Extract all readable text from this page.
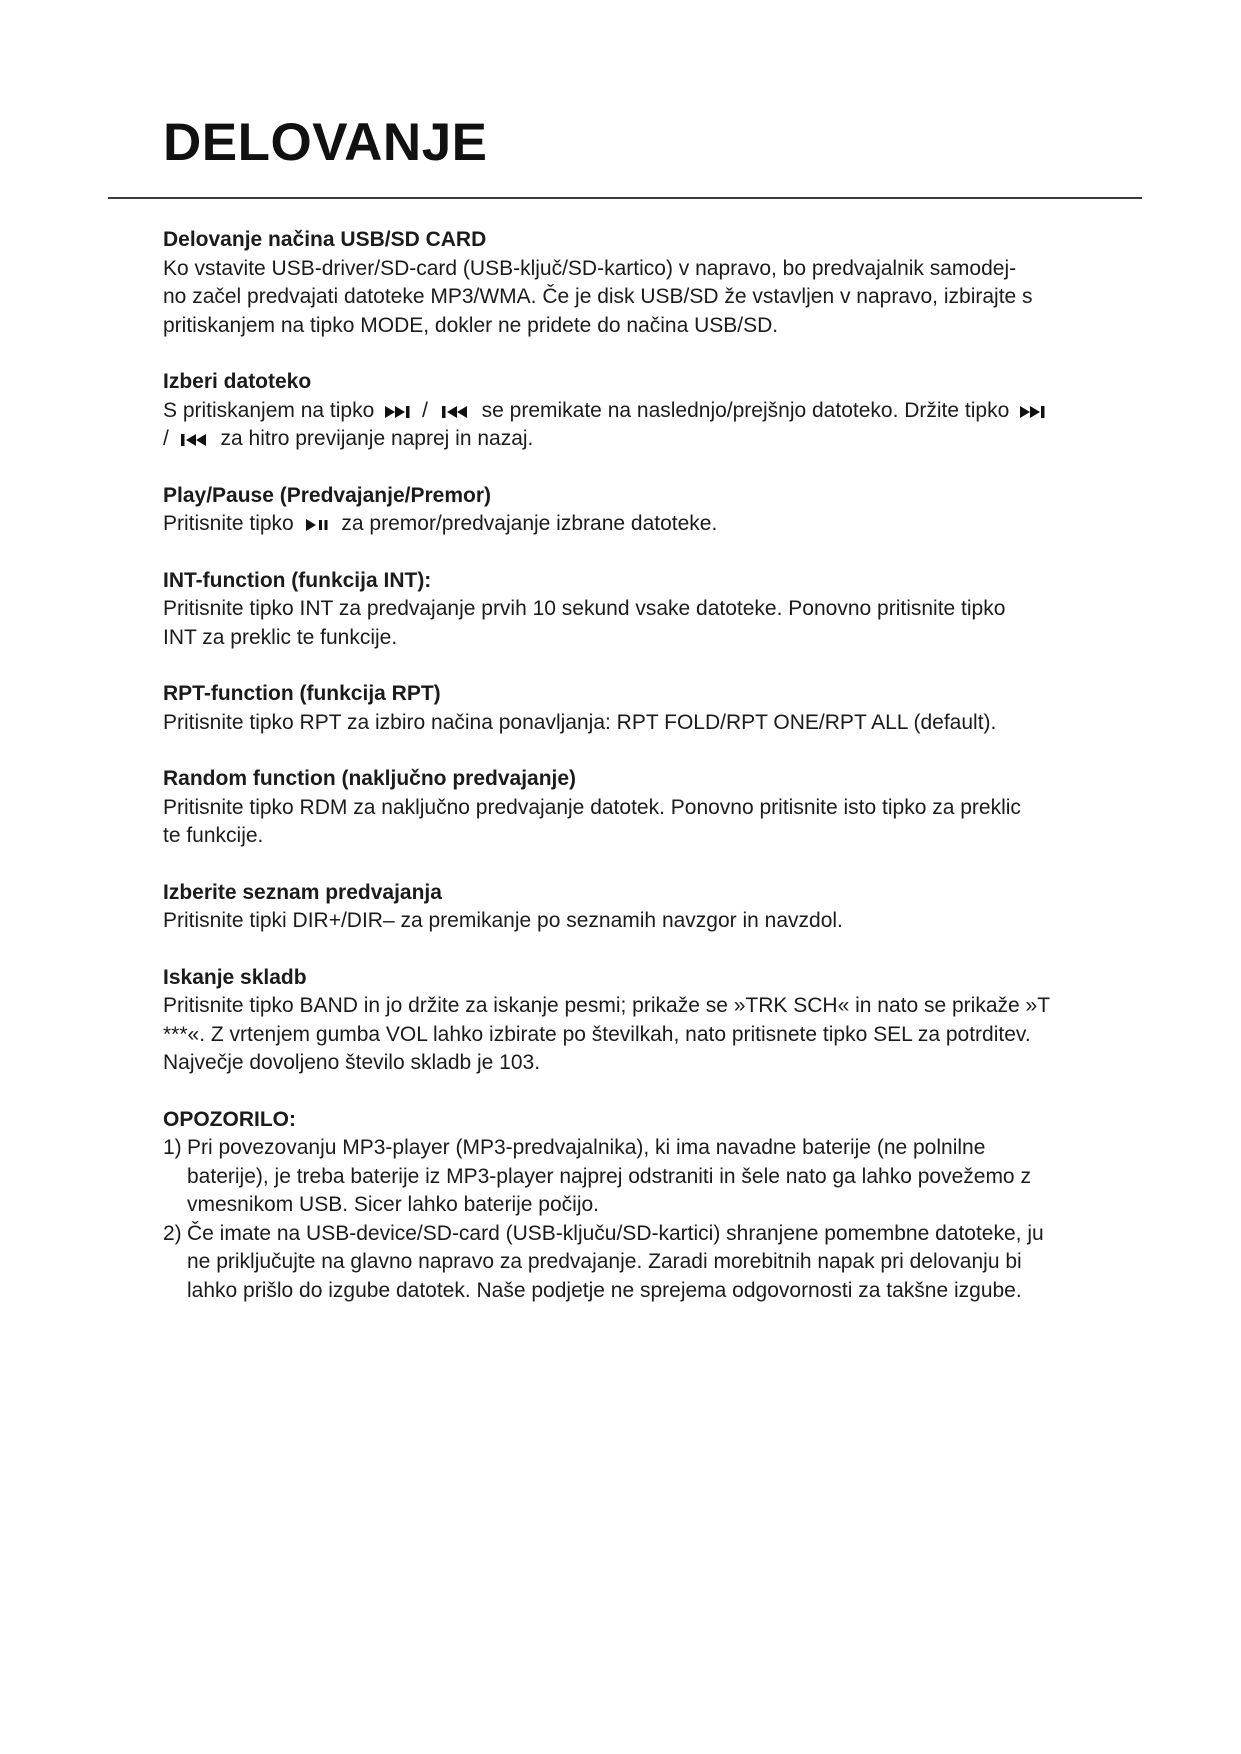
DELOVANJE
Delovanje načina USB/SD CARD

Ko vstavite USB-driver/SD-card (USB-ključ/SD-kartico) v napravo, bo predvajalnik samodej-

no začel predvajati datoteke MP3/WMA. Če je disk USB/SD že vstavljen v napravo, izbirajte s

pritiskanjem na tipko MODE, dokler ne pridete do načina USB/SD.

Izberi datoteko

S pritiskanjem na tipko /	se premikate na naslednjo/prejšnjo datoteko. Držite tipko

/ za hitro previjanje naprej in nazaj.

Play/Pause (Predvajanje/Premor)

Pritisnite tipko za premor/predvajanje izbrane datoteke.

INT-function (funkcija INT):

Pritisnite tipko INT za predvajanje prvih 10 sekund vsake datoteke. Ponovno pritisnite tipko

INT za preklic te funkcije.

RPT-function (funkcija RPT)

Pritisnite tipko RPT za izbiro načina ponavljanja: RPT FOLD/RPT ONE/RPT ALL (default).

Random function (naključno predvajanje)

Pritisnite tipko RDM za naključno predvajanje datotek. Ponovno pritisnite isto tipko za preklic

te funkcije.

Izberite seznam predvajanja

Pritisnite tipki DIR+/DIR– za premikanje po seznamih navzgor in navzdol.

Iskanje skladb

Pritisnite tipko BAND in jo držite za iskanje pesmi; prikaže se »TRK SCH« in nato se prikaže »T

***«. Z vrtenjem gumba VOL lahko izbirate po številkah, nato pritisnete tipko SEL za potrditev.

Največje dovoljeno število skladb je 103.

OPOZORILO:
1) Pri povezovanju MP3-player (MP3-predvajalnika), ki ima navadne baterije (ne polnilne

baterije), je treba baterije iz MP3-player najprej odstraniti in šele nato ga lahko povežemo z

vmesnikom USB. Sicer lahko baterije počijo.

2) Če imate na USB-device/SD-card (USB-ključu/SD-kartici) shranjene pomembne datoteke, ju

ne priključujte na glavno napravo za predvajanje. Zaradi morebitnih napak pri delovanju bi

lahko prišlo do izgube datotek. Naše podjetje ne sprejema odgovornosti za takšne izgube.
